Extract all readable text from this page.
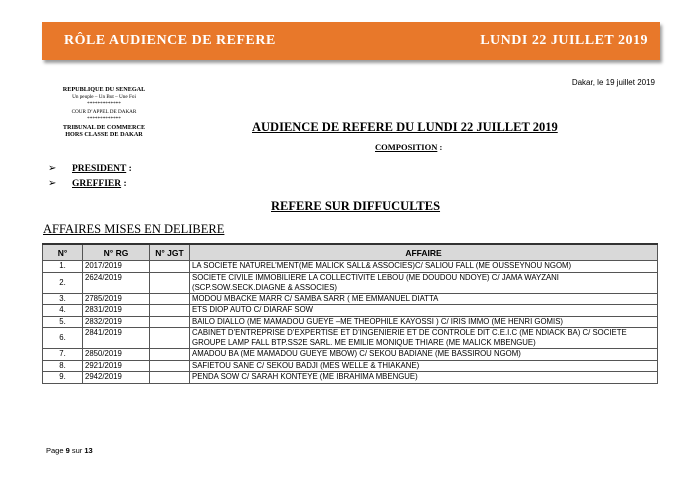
RÔLE AUDIENCE DE REFERE	LUNDI 22 JUILLET 2019
Dakar, le 19 juillet 2019
REPUBLIQUE DU SENEGAL
Un peuple – Un But – Une Foi
*************
COUR D’APPEL DE DAKAR
*************
TRIBUNAL DE COMMERCE
HORS CLASSE DE DAKAR
AUDIENCE DE REFERE DU LUNDI 22 JUILLET 2019
COMPOSITION :
➢ PRESIDENT :
➢ GREFFIER :
REFERE SUR DIFFUCULTES
AFFAIRES MISES EN DELIBERE
N°	N° RG	N° JGT	AFFAIRE
1.	2017/2019		LA SOCIETE NATUREL’MENT(ME MALICK SALL& ASSOCIES)C/ SALIOU FALL (ME OUSSEYNOU NGOM)

2.	2624/2019		SOCIETE CIVILE IMMOBILIERE LA COLLECTIVITE LEBOU (ME DOUDOU NDOYE) C/ JAMA WAYZANI
(SCP.SOW.SECK.DIAGNE & ASSOCIES)

3.	2785/2019		MODOU MBACKE MARR C/ SAMBA SARR ( ME EMMANUEL DIATTA

4.	2831/2019		ETS DIOP AUTO C/ DIARAF SOW

5.	2832/2019		BAILO DIALLO (ME MAMADOU GUEYE –ME THEOPHILE KAYOSSI ) C/ IRIS IMMO (ME HENRI GOMIS)

6.	2841/2019		CABINET D’ENTREPRISE D’EXPERTISE ET D’INGENIERIE ET DE CONTROLE DIT C.E.I.C (ME NDIACK BA) C/ SOCIETE
GROUPE LAMP FALL BTP.SS2E SARL. ME EMILIE MONIQUE THIARE (ME MALICK MBENGUE)

7.	2850/2019		AMADOU BA (ME MAMADOU GUEYE MBOW) C/ SEKOU BADIANE (ME BASSIROU NGOM)

8.	2921/2019		SAFIETOU SANE C/ SEKOU BADJI (MES WELLE & THIAKANE)

9.	2942/2019		PENDA SOW C/ SARAH KONTEYE (ME IBRAHIMA MBENGUE)
Page 9 sur 13
